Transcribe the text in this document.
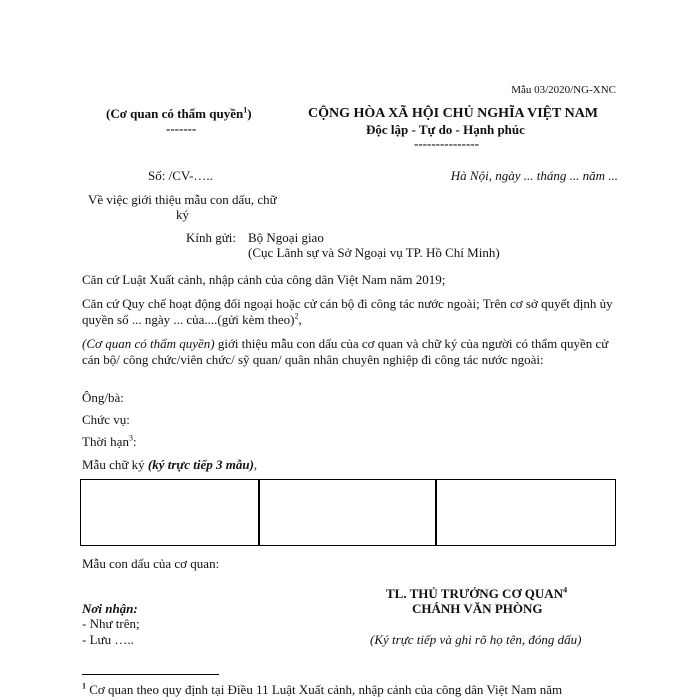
Mẫu 03/2020/NG-XNC
(Cơ quan có thẩm quyền$^1$)
-------
CỘNG HÒA XÃ HỘI CHỦ NGHĨA VIỆT NAM
Độc lập - Tự do - Hạnh phúc
---------------
Số: /CV-…..	Hà Nội, ngày ... tháng ... năm ...
Về việc giới thiệu mẫu con dấu, chữ
ký
Kính gửi: Bộ Ngoại giao
(Cục Lãnh sự và Sở Ngoại vụ TP. Hồ Chí Minh)
Căn cứ Luật Xuất cảnh, nhập cảnh của công dân Việt Nam năm 2019;
Căn cứ Quy chế hoạt động đối ngoại hoặc cử cán bộ đi công tác nước ngoài; Trên cơ sở quyết định ủy quyền số ... ngày ... của....(gửi kèm theo)$^2$,
(Cơ quan có thẩm quyền) giới thiệu mẫu con dấu của cơ quan và chữ ký của người có thẩm quyền cử cán bộ/ công chức/viên chức/ sỹ quan/ quân nhân chuyên nghiệp đi công tác nước ngoài:
Ông/bà:
Chức vụ:
Thời hạn$^3$:
Mẫu chữ ký (ký trực tiếp 3 mẫu),
Mẫu con dấu của cơ quan:
TL. THỦ TRƯỞNG CƠ QUAN$^4$
CHÁNH VĂN PHÒNG
(Ký trực tiếp và ghi rõ họ tên, đóng dấu)
Nơi nhận:
- Như trên;
- Lưu …..
$^1$ Cơ quan theo quy định tại Điều 11 Luật Xuất cảnh, nhập cảnh của công dân Việt Nam năm
